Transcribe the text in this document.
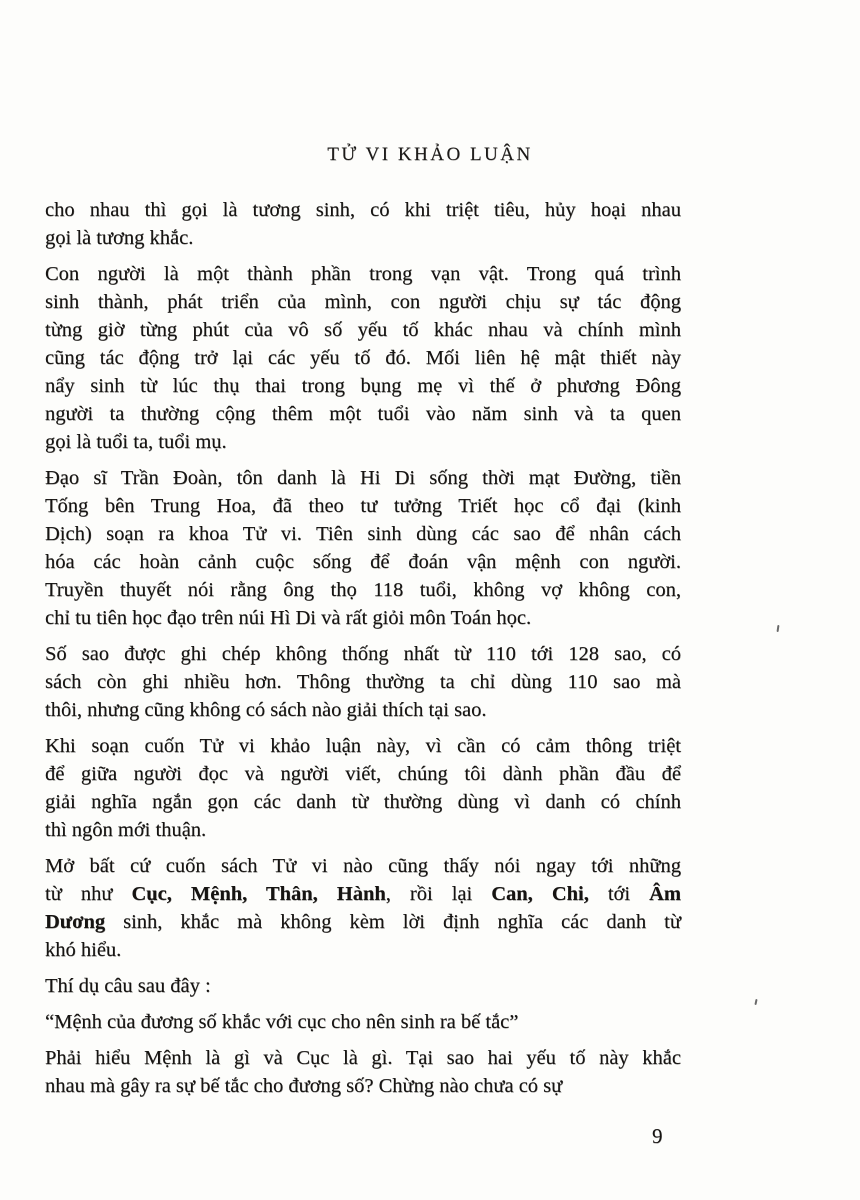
TỬ VI KHẢO LUẬN
cho nhau thì gọi là tương sinh, có khi triệt tiêu, hủy hoại nhau
gọi là tương khắc.
Con người là một thành phần trong vạn vật. Trong quá trình
sinh thành, phát triển của mình, con người chịu sự tác động
từng giờ từng phút của vô số yếu tố khác nhau và chính mình
cũng tác động trở lại các yếu tố đó. Mối liên hệ mật thiết này
nẩy sinh từ lúc thụ thai trong bụng mẹ vì thế ở phương Đông
người ta thường cộng thêm một tuổi vào năm sinh và ta quen
gọi là tuổi ta, tuổi mụ.
Đạo sĩ Trần Đoàn, tôn danh là Hi Di sống thời mạt Đường, tiền
Tống bên Trung Hoa, đã theo tư tưởng Triết học cổ đại (kinh
Dịch) soạn ra khoa Tử vi. Tiên sinh dùng các sao để nhân cách
hóa các hoàn cảnh cuộc sống để đoán vận mệnh con người.
Truyền thuyết nói rằng ông thọ 118 tuổi, không vợ không con,
chỉ tu tiên học đạo trên núi Hì Di và rất giỏi môn Toán học.
Số sao được ghi chép không thống nhất từ 110 tới 128 sao, có
sách còn ghi nhiều hơn. Thông thường ta chỉ dùng 110 sao mà
thôi, nhưng cũng không có sách nào giải thích tại sao.
Khi soạn cuốn Tử vi khảo luận này, vì cần có cảm thông triệt
để giữa người đọc và người viết, chúng tôi dành phần đầu để
giải nghĩa ngắn gọn các danh từ thường dùng vì danh có chính
thì ngôn mới thuận.
Mở bất cứ cuốn sách Tử vi nào cũng thấy nói ngay tới những
từ như Cục, Mệnh, Thân, Hành, rồi lại Can, Chi, tới Âm
Dương sinh, khắc mà không kèm lời định nghĩa các danh từ
khó hiểu.
Thí dụ câu sau đây :
“Mệnh của đương số khắc với cục cho nên sinh ra bế tắc”
Phải hiểu Mệnh là gì và Cục là gì. Tại sao hai yếu tố này khắc
nhau mà gây ra sự bế tắc cho đương số? Chừng nào chưa có sự
9
